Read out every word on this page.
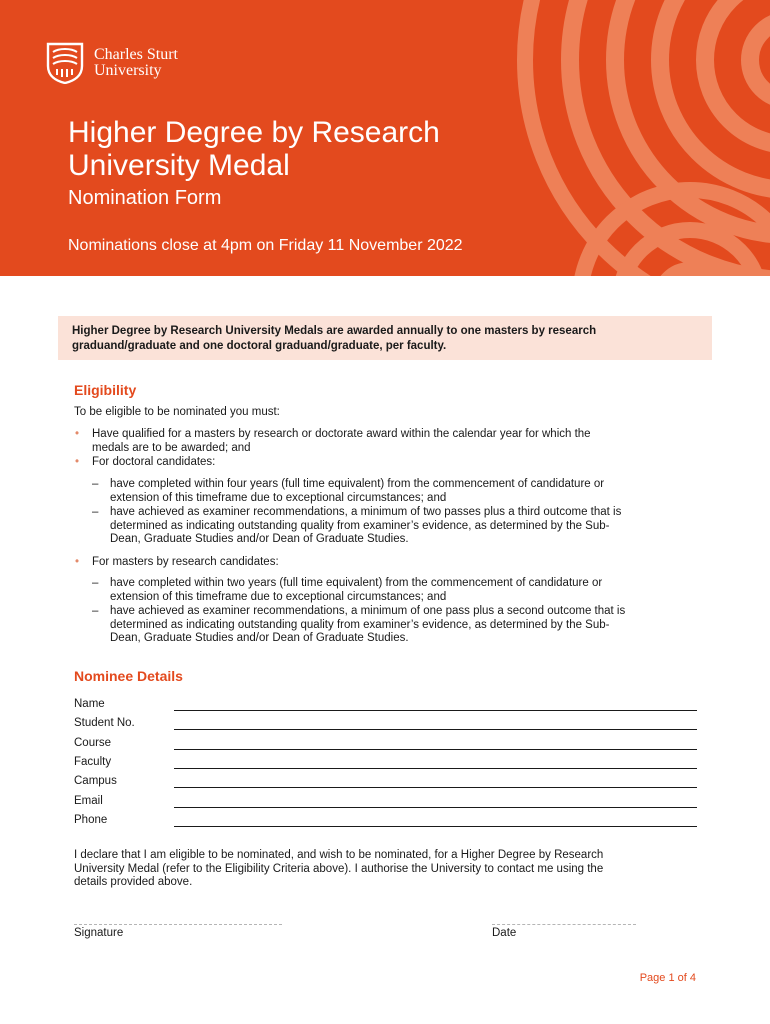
Charles Sturt
University
Higher Degree by Research
University Medal
Nomination Form
Nominations close at 4pm on Friday 11 November 2022
Higher Degree by Research University Medals are awarded annually to one masters by research
graduand/graduate and one doctoral graduand/graduate, per faculty.
Eligibility
To be eligible to be nominated you must:
• Have qualified for a masters by research or doctorate award within the calendar year for which the
medals are to be awarded; and
• For doctoral candidates:
– have completed within four years (full time equivalent) from the commencement of candidature or
extension of this timeframe due to exceptional circumstances; and
– have achieved as examiner recommendations, a minimum of two passes plus a third outcome that is
determined as indicating outstanding quality from examiner’s evidence, as determined by the Sub-
Dean, Graduate Studies and/or Dean of Graduate Studies.
• For masters by research candidates:
– have completed within two years (full time equivalent) from the commencement of candidature or
extension of this timeframe due to exceptional circumstances; and
– have achieved as examiner recommendations, a minimum of one pass plus a second outcome that is
determined as indicating outstanding quality from examiner’s evidence, as determined by the Sub-
Dean, Graduate Studies and/or Dean of Graduate Studies.
Nominee Details
Name
Student No.
Course
Faculty
Campus
Email
Phone
I declare that I am eligible to be nominated, and wish to be nominated, for a Higher Degree by Research
University Medal (refer to the Eligibility Criteria above). I authorise the University to contact me using the
details provided above.
Signature	Date
Page 1 of 4
